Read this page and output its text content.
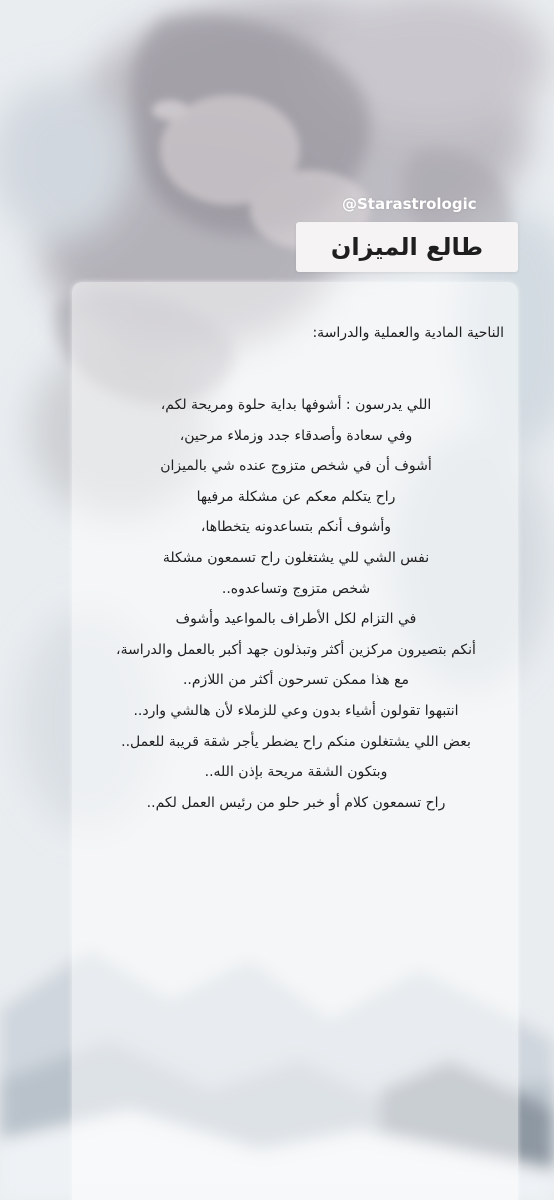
@Starastrologic
طالع الميزان
الناحية المادية والعملية والدراسة:
اللي يدرسون : أشوفها بداية حلوة ومريحة لكم،
وفي سعادة وأصدقاء جدد وزملاء مرحين،
أشوف أن في شخص متزوج عنده شي بالميزان
راح يتكلم معكم عن مشكلة مرفيها
وأشوف أنكم بتساعدونه يتخطاها،
نفس الشي للي يشتغلون راح تسمعون مشكلة
شخص متزوج وتساعدوه..
في التزام لكل الأطراف بالمواعيد وأشوف
أنكم بتصيرون مركزين أكثر وتبذلون جهد أكبر بالعمل والدراسة،
مع هذا ممكن تسرحون أكثر من اللازم..
انتبهوا تقولون أشياء بدون وعي للزملاء لأن هالشي وارد..
بعض اللي يشتغلون منكم راح يضطر يأجر شقة قريبة للعمل..
وبتكون الشقة مريحة بإذن الله..
راح تسمعون كلام أو خبر حلو من رئيس العمل لكم..
